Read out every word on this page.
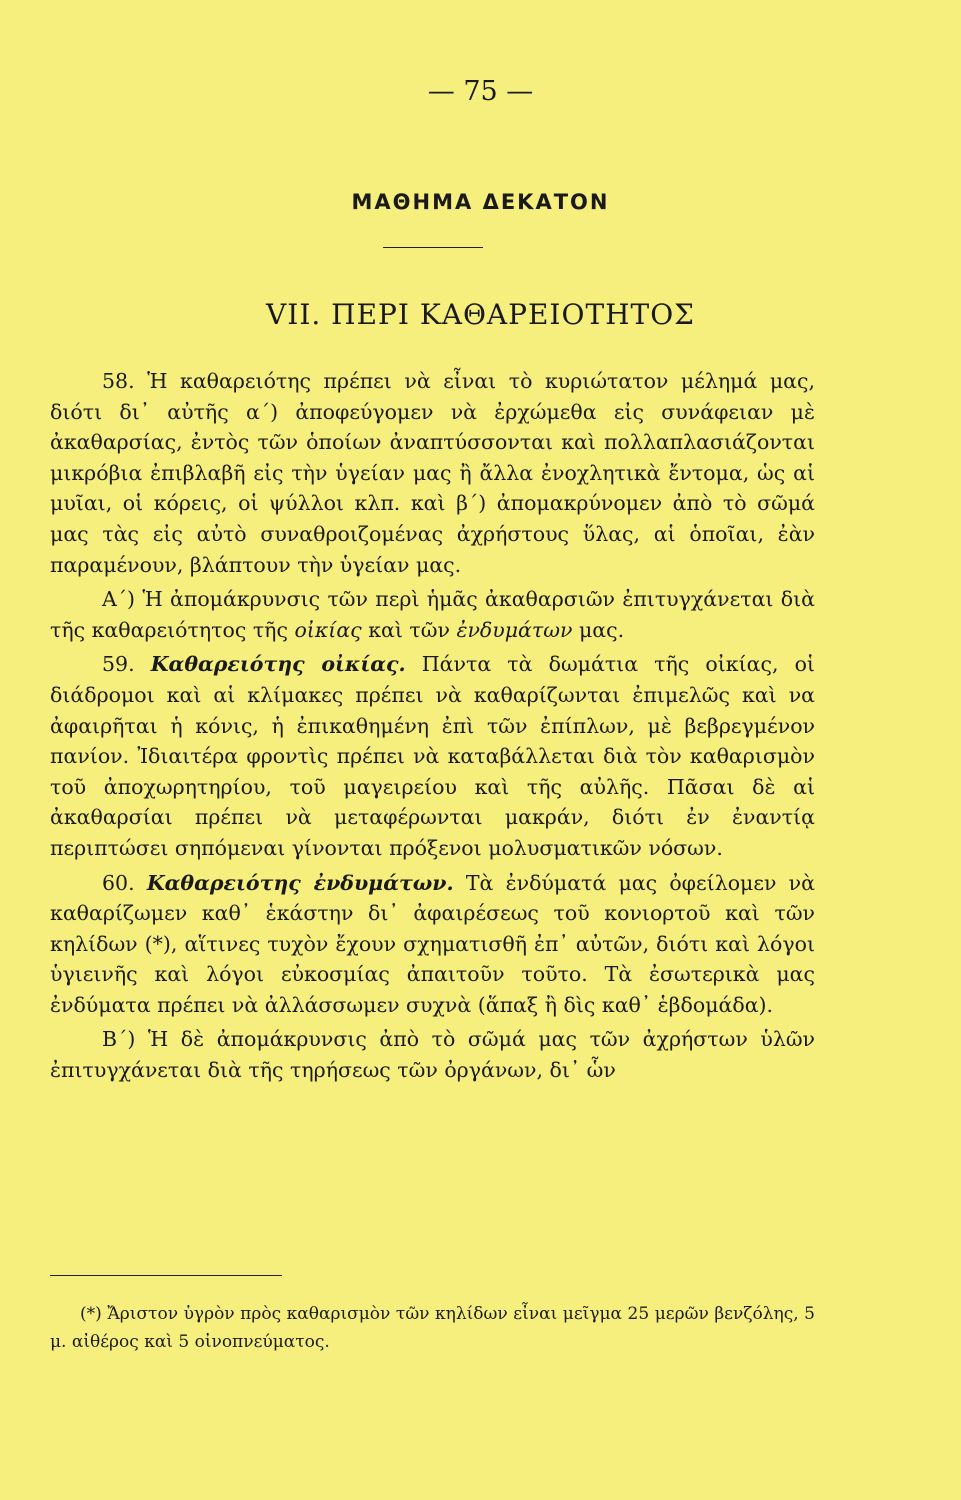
— 75 —
ΜΑΘΗΜΑ ΔΕΚΑΤΟΝ
VII. ΠΕΡΙ ΚΑΘΑΡΕΙΟΤΗΤΟΣ

58. Ἡ καθαρειότης πρέπει νὰ εἶναι τὸ κυριώτατον μέλημά μας, διότι δι᾽ αὐτῆς α΄) ἀποφεύγομεν νὰ ἐρχώμεθα εἰς συνάφειαν μὲ ἀκαθαρσίας, ἐντὸς τῶν ὁποίων ἀναπτύσσονται καὶ πολλαπλασιάζονται μικρόβια ἐπιβλαβῆ εἰς τὴν ὑγείαν μας ἢ ἄλλα ἐνοχλητικὰ ἔντομα, ὡς αἱ μυῖαι, οἱ κόρεις, οἱ ψύλλοι κλπ. καὶ β΄) ἀπομακρύνομεν ἀπὸ τὸ σῶμά μας τὰς εἰς αὐτὸ συναθροιζομένας ἀχρήστους ὕλας, αἱ ὁποῖαι, ἐὰν παραμένουν, βλάπτουν τὴν ὑγείαν μας.

Α΄) Ἡ ἀπομάκρυνσις τῶν περὶ ἡμᾶς ἀκαθαρσιῶν ἐπιτυγχάνεται διὰ τῆς καθαρειότητος τῆς οἰκίας καὶ τῶν ἐνδυμάτων μας.

59. Καθαρειότης οἰκίας. Πάντα τὰ δωμάτια τῆς οἰκίας, οἱ διάδρομοι καὶ αἱ κλίμακες πρέπει νὰ καθαρίζωνται ἐπιμελῶς καὶ να ἀφαιρῆται ἡ κόνις, ἡ ἐπικαθημένη ἐπὶ τῶν ἐπίπλων, μὲ βεβρεγμένον πανίον. Ἰδιαιτέρα φροντὶς πρέπει νὰ καταβάλλεται διὰ τὸν καθαρισμὸν τοῦ ἀποχωρητηρίου, τοῦ μαγειρείου καὶ τῆς αὐλῆς. Πᾶσαι δὲ αἱ ἀκαθαρσίαι πρέπει νὰ μεταφέρωνται μακράν, διότι ἐν ἐναντίᾳ περιπτώσει σηπόμεναι γίνονται πρόξενοι μολυσματικῶν νόσων.

60. Καθαρειότης ἐνδυμάτων. Τὰ ἐνδύματά μας ὀφείλομεν νὰ καθαρίζωμεν καθ᾽ ἑκάστην δι᾽ ἀφαιρέσεως τοῦ κονιορτοῦ καὶ τῶν κηλίδων (*), αἵτινες τυχὸν ἔχουν σχηματισθῆ ἐπ᾽ αὐτῶν, διότι καὶ λόγοι ὑγιεινῆς καὶ λόγοι εὐκοσμίας ἀπαιτοῦν τοῦτο. Τὰ ἐσωτερικὰ μας ἐνδύματα πρέπει νὰ ἀλλάσσωμεν συχνὰ (ἅπαξ ἢ δὶς καθ᾽ ἑβδομάδα).

Β΄) Ἡ δὲ ἀπομάκρυνσις ἀπὸ τὸ σῶμά μας τῶν ἀχρήστων ὑλῶν ἐπιτυγχάνεται διὰ τῆς τηρήσεως τῶν ὀργάνων, δι᾽ ὧν

(*) Ἄριστον ὑγρὸν πρὸς καθαρισμὸν τῶν κηλίδων εἶναι μεῖγμα 25 μερῶν βενζόλης, 5 μ. αἰθέρος καὶ 5 οἰνοπνεύματος.
